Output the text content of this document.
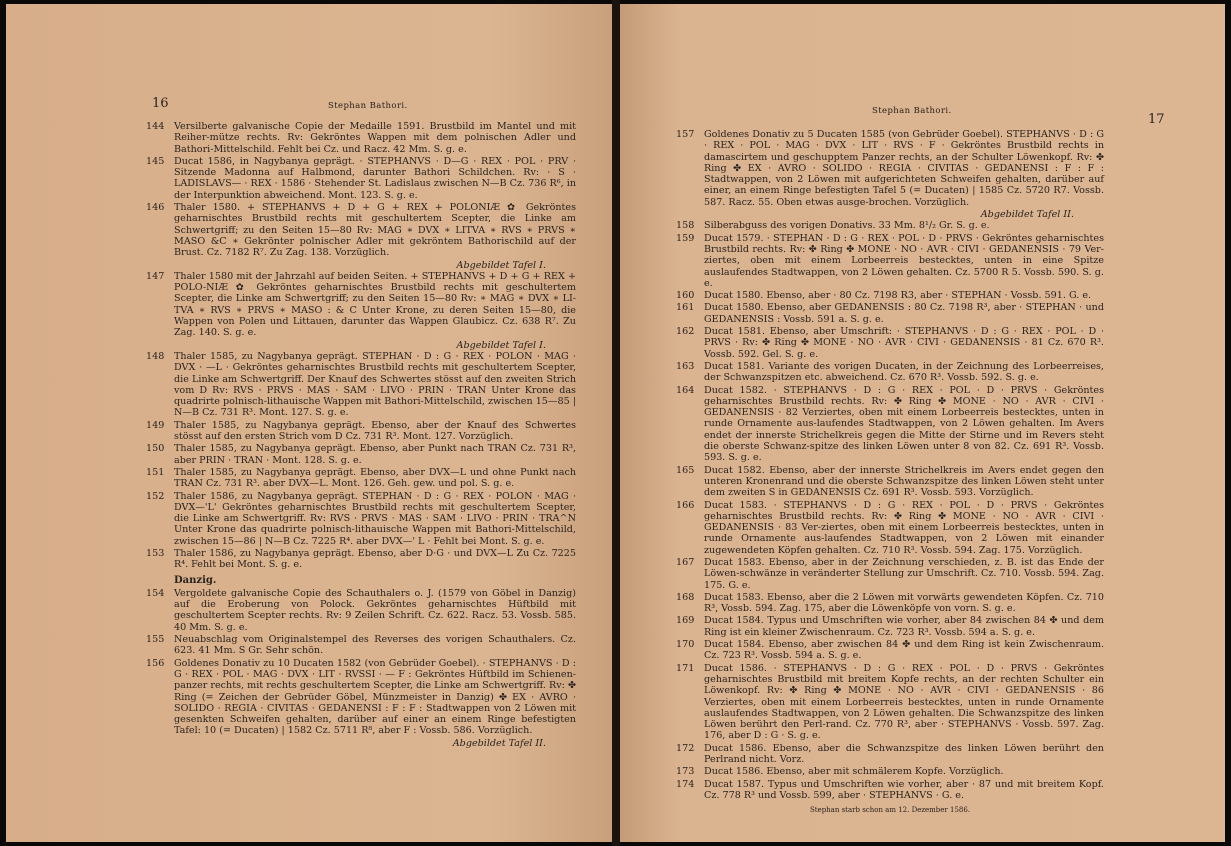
16	Stephan Bathori.
144 Versilberte galvanische Copie der Medaille 1591. Brustbild im Mantel und mit Reiher-mütze rechts. Rv: Gekröntes Wappen mit dem polnischen Adler und Bathori-Mittelschild. Fehlt bei Cz. und Racz. 42 Mm. S. g. e.
145 Ducat 1586, in Nagybanya geprägt. · STEPHANVS · D—G · REX · POL · PRV · Sitzende Madonna auf Halbmond, darunter Bathori Schildchen. Rv: · S · LADISLAVS— · REX · 1586 · Stehender St. Ladislaus zwischen N—B Cz. 736 R⁶, in der Interpunktion abweichend. Mont. 123. S. g. e.
146 Thaler 1580. + STEPHANVS + D + G + REX + POLONIÆ ✿ Gekröntes geharnischtes Brustbild rechts mit geschultertem Scepter, die Linke am Schwertgriff; zu den Seiten 15—80 Rv: MAG ∗ DVX ∗ LITVA ∗ RVS ∗ PRVS ∗ MASO &C ∗ Gekrönter polnischer Adler mit gekröntem Bathorischild auf der Brust. Cz. 7182 R⁷. Zu Zag. 138. Vorzüglich.
Abgebildet Tafel I.
147 Thaler 1580 mit der Jahrzahl auf beiden Seiten. + STEPHANVS + D + G + REX + POLO-NIÆ ✿ Gekröntes geharnischtes Brustbild rechts mit geschultertem Scepter, die Linke am Schwertgriff; zu den Seiten 15—80 Rv: ∗ MAG ∗ DVX ∗ LI-TVA ∗ RVS ∗ PRVS ∗ MASO : & C Unter Krone, zu deren Seiten 15—80, die Wappen von Polen und Littauen, darunter das Wappen Glaubicz. Cz. 638 R⁷. Zu Zag. 140. S. g. e.
Abgebildet Tafel I.
148 Thaler 1585, zu Nagybanya geprägt. STEPHAN · D : G · REX · POLON · MAG · DVX · —L · Gekröntes geharnischtes Brustbild rechts mit geschultertem Scepter, die Linke am Schwertgriff. Der Knauf des Schwertes stösst auf den zweiten Strich vom D Rv: RVS · PRVS · MAS · SAM · LIVO · PRIN · TRAN Unter Krone das quadrirte polnisch-lithauische Wappen mit Bathori-Mittelschild, zwischen 15—85 | N—B Cz. 731 R³. Mont. 127. S. g. e.
149 Thaler 1585, zu Nagybanya geprägt. Ebenso, aber der Knauf des Schwertes stösst auf den ersten Strich vom D Cz. 731 R³. Mont. 127. Vorzüglich.
150 Thaler 1585, zu Nagybanya geprägt. Ebenso, aber Punkt nach TRAN Cz. 731 R³, aber PRIN · TRAN · Mont. 128. S. g. e.
151 Thaler 1585, zu Nagybanya geprägt. Ebenso, aber DVX—L und ohne Punkt nach TRAN Cz. 731 R³. aber DVX—L. Mont. 126. Geh. gew. und pol. S. g. e.
152 Thaler 1586, zu Nagybanya geprägt. STEPHAN · D : G · REX · POLON · MAG · DVX—'L' Gekröntes geharnischtes Brustbild rechts mit geschultertem Scepter, die Linke am Schwertgriff. Rv: RVS · PRVS · MAS · SAM · LIVO · PRIN · TRA^N Unter Krone das quadrirte polnisch-lithauische Wappen mit Bathori-Mittelschild, zwischen 15—86 | N—B Cz. 7225 R⁴. aber DVX—' L · Fehlt bei Mont. S. g. e.
153 Thaler 1586, zu Nagybanya geprägt. Ebenso, aber D·G · und DVX—L Zu Cz. 7225 R⁴. Fehlt bei Mont. S. g. e.
Danzig.
154 Vergoldete galvanische Copie des Schauthalers o. J. (1579 von Göbel in Danzig) auf die Eroberung von Polock. Gekröntes geharnischtes Hüftbild mit geschultertem Scepter rechts. Rv: 9 Zeilen Schrift. Cz. 622. Racz. 53. Vossb. 585. 40 Mm. S. g. e.
155 Neuabschlag vom Originalstempel des Reverses des vorigen Schauthalers. Cz. 623. 41 Mm. S Gr. Sehr schön.
156 Goldenes Donativ zu 10 Ducaten 1582 (von Gebrüder Goebel). · STEPHANVS · D : G · REX · POL · MAG · DVX · LIT · RVSSI · — F : Gekröntes Hüftbild im Schienen-panzer rechts, mit rechts geschultertem Scepter, die Linke am Schwertgriff. Rv: ✤ Ring (= Zeichen der Gebrüder Göbel, Münzmeister in Danzig) ✤ EX · AVRO · SOLIDO · REGIA · CIVITAS · GEDANENSI : F : F : Stadtwappen von 2 Löwen mit gesenkten Schweifen gehalten, darüber auf einer an einem Ringe befestigten Tafel: 10 (= Ducaten) | 1582 Cz. 5711 R⁸, aber F : Vossb. 586. Vorzüglich.
Abgebildet Tafel II.
Stephan Bathori.
17
157 Goldenes Donativ zu 5 Ducaten 1585 (von Gebrüder Goebel). STEPHANVS · D : G · REX · POL · MAG · DVX · LIT · RVS · F · Gekröntes Brustbild rechts in damascirtem und geschupptem Panzer rechts, an der Schulter Löwenkopf. Rv: ✤ Ring ✤ EX · AVRO · SOLIDO · REGIA · CIVITAS · GEDANENSI : F : F : Stadtwappen, von 2 Löwen mit aufgerichteten Schweifen gehalten, darüber auf einer, an einem Ringe befestigten Tafel 5 (= Ducaten) | 1585 Cz. 5720 R7. Vossb. 587. Racz. 55. Oben etwas ausge-brochen. Vorzüglich.
Abgebildet Tafel II.
158 Silberabguss des vorigen Donativs. 33 Mm. 8¹/₂ Gr. S. g. e.
159 Ducat 1579. · STEPHAN · D : G · REX · POL · D · PRVS · Gekröntes geharnischtes Brustbild rechts. Rv: ✤ Ring ✤ MONE · NO · AVR · CIVI · GEDANENSIS · 79 Ver-ziertes, oben mit einem Lorbeerreis bestecktes, unten in eine Spitze auslaufendes Stadtwappen, von 2 Löwen gehalten. Cz. 5700 R 5. Vossb. 590. S. g. e.
160 Ducat 1580. Ebenso, aber · 80 Cz. 7198 R3, aber · STEPHAN · Vossb. 591. G. e.
161 Ducat 1580. Ebenso, aber GEDANENSIS : 80 Cz. 7198 R³, aber · STEPHAN · und GEDANENSIS : Vossb. 591 a. S. g. e.
162 Ducat 1581. Ebenso, aber Umschrift: · STEPHANVS · D : G · REX · POL · D · PRVS · Rv: ✤ Ring ✤ MONE · NO · AVR · CIVI · GEDANENSIS · 81 Cz. 670 R³. Vossb. 592. Gel. S. g. e.
163 Ducat 1581. Variante des vorigen Ducaten, in der Zeichnung des Lorbeerreises, der Schwanzspitzen etc. abweichend. Cz. 670 R³. Vossb. 592. S. g. e.
164 Ducat 1582. · STEPHANVS · D : G · REX · POL · D · PRVS · Gekröntes geharnischtes Brustbild rechts. Rv: ✤ Ring ✤ MONE · NO · AVR · CIVI · GEDANENSIS · 82 Verziertes, oben mit einem Lorbeerreis bestecktes, unten in runde Ornamente aus-laufendes Stadtwappen, von 2 Löwen gehalten. Im Avers endet der innerste Strichelkreis gegen die Mitte der Stirne und im Revers steht die oberste Schwanz-spitze des linken Löwen unter 8 von 82. Cz. 691 R³. Vossb. 593. S. g. e.
165 Ducat 1582. Ebenso, aber der innerste Strichelkreis im Avers endet gegen den unteren Kronenrand und die oberste Schwanzspitze des linken Löwen steht unter dem zweiten S in GEDANENSIS Cz. 691 R³. Vossb. 593. Vorzüglich.
166 Ducat 1583. · STEPHANVS · D : G · REX · POL · D · PRVS · Gekröntes geharnischtes Brustbild rechts. Rv: ✤ Ring ✤ MONE · NO · AVR · CIVI · GEDANENSIS · 83 Ver-ziertes, oben mit einem Lorbeerreis bestecktes, unten in runde Ornamente aus-laufendes Stadtwappen, von 2 Löwen mit einander zugewendeten Köpfen gehalten. Cz. 710 R³. Vossb. 594. Zag. 175. Vorzüglich.
167 Ducat 1583. Ebenso, aber in der Zeichnung verschieden, z. B. ist das Ende der Löwen-schwänze in veränderter Stellung zur Umschrift. Cz. 710. Vossb. 594. Zag. 175. G. e.
168 Ducat 1583. Ebenso, aber die 2 Löwen mit vorwärts gewendeten Köpfen. Cz. 710 R³, Vossb. 594. Zag. 175, aber die Löwenköpfe von vorn. S. g. e.
169 Ducat 1584. Typus und Umschriften wie vorher, aber 84 zwischen 84 ✤ und dem Ring ist ein kleiner Zwischenraum. Cz. 723 R³. Vossb. 594 a. S. g. e.
170 Ducat 1584. Ebenso, aber zwischen 84 ✤ und dem Ring ist kein Zwischenraum. Cz. 723 R³. Vossb. 594 a. S. g. e.
171 Ducat 1586. · STEPHANVS · D : G · REX · POL · D · PRVS · Gekröntes geharnischtes Brustbild mit breitem Kopfe rechts, an der rechten Schulter ein Löwenkopf. Rv: ✤ Ring ✤ MONE · NO · AVR · CIVI · GEDANENSIS · 86 Verziertes, oben mit einem Lorbeerreis bestecktes, unten in runde Ornamente auslaufendes Stadtwappen, von 2 Löwen gehalten. Die Schwanzspitze des linken Löwen berührt den Perl-rand. Cz. 770 R³, aber · STEPHANVS · Vossb. 597. Zag. 176, aber D : G · S. g. e.
172 Ducat 1586. Ebenso, aber die Schwanzspitze des linken Löwen berührt den Perlrand nicht. Vorz.
173 Ducat 1586. Ebenso, aber mit schmälerem Kopfe. Vorzüglich.
174 Ducat 1587. Typus und Umschriften wie vorher, aber · 87 und mit breitem Kopf. Cz. 778 R³ und Vossb. 599, aber · STEPHANVS · G. e.
Stephan starb schon am 12. Dezember 1586.
